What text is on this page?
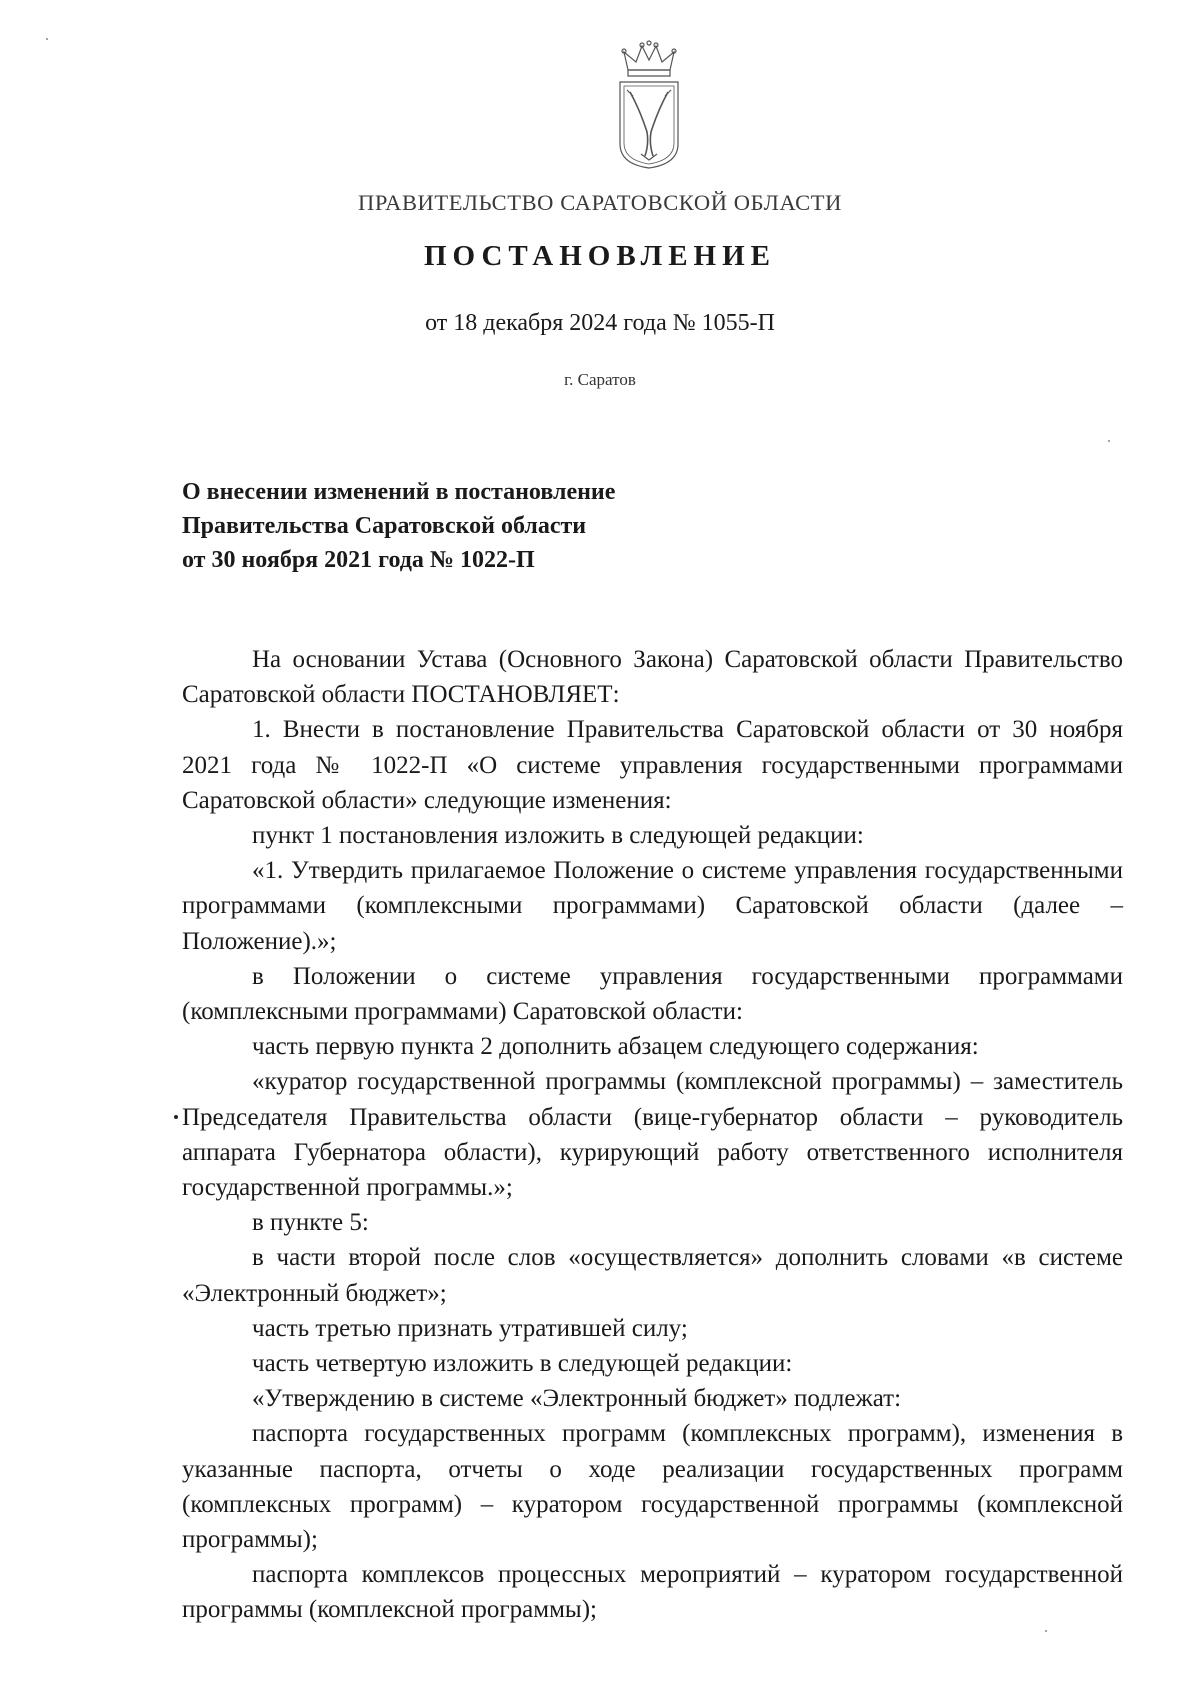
ПРАВИТЕЛЬСТВО САРАТОВСКОЙ ОБЛАСТИ
ПОСТАНОВЛЕНИЕ
от 18 декабря 2024 года № 1055-П
г. Саратов
О внесении изменений в постановление
Правительства Саратовской области
от 30 ноября 2021 года № 1022-П

На основании Устава (Основного Закона) Саратовской области Правительство Саратовской области ПОСТАНОВЛЯЕТ:

1. Внести в постановление Правительства Саратовской области от 30 ноября 2021 года № 1022-П «О системе управления государственными программами Саратовской области» следующие изменения:

пункт 1 постановления изложить в следующей редакции:

«1. Утвердить прилагаемое Положение о системе управления государственными программами (комплексными программами) Саратовской области (далее – Положение).»;

в Положении о системе управления государственными программами (комплексными программами) Саратовской области:

часть первую пункта 2 дополнить абзацем следующего содержания:

«куратор государственной программы (комплексной программы) – заместитель Председателя Правительства области (вице-губернатор области – руководитель аппарата Губернатора области), курирующий работу ответственного исполнителя государственной программы.»;

в пункте 5:

в части второй после слов «осуществляется» дополнить словами «в системе «Электронный бюджет»;

часть третью признать утратившей силу;

часть четвертую изложить в следующей редакции:

«Утверждению в системе «Электронный бюджет» подлежат:

паспорта государственных программ (комплексных программ), изменения в указанные паспорта, отчеты о ходе реализации государственных программ (комплексных программ) – куратором государственной программы (комплексной программы);

паспорта комплексов процессных мероприятий – куратором государственной программы (комплексной программы);
